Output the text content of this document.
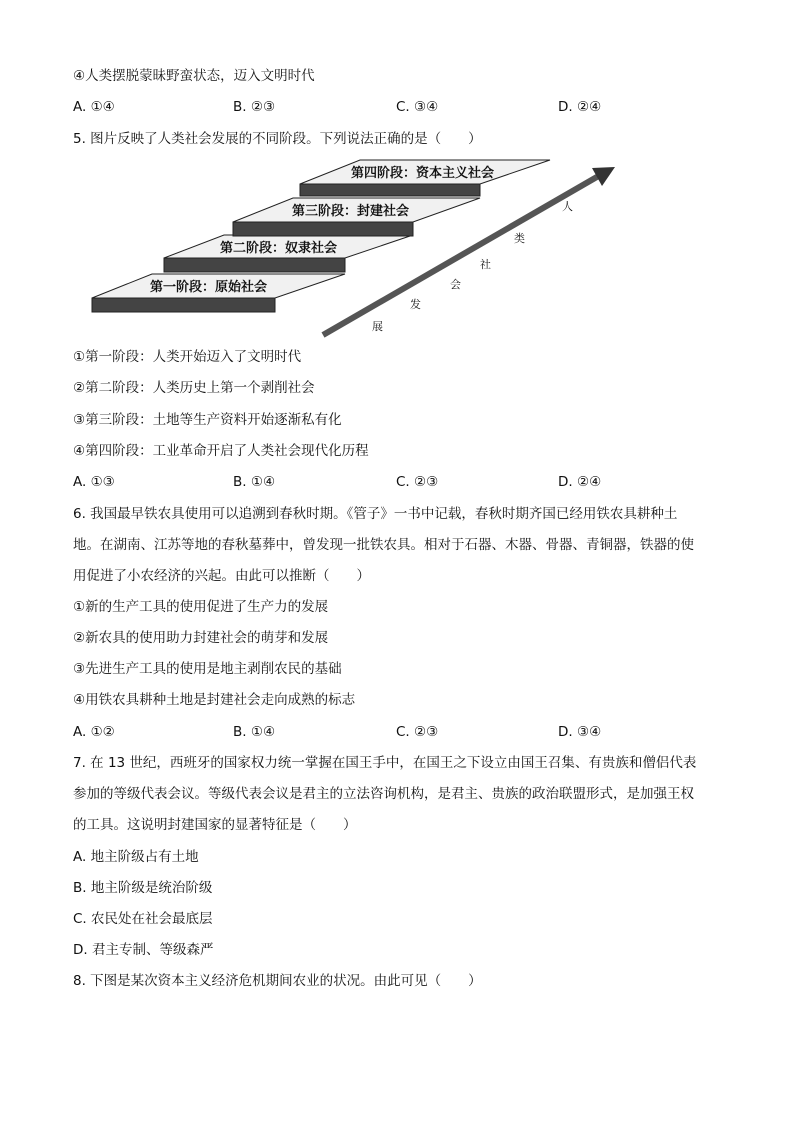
④人类摆脱蒙昧野蛮状态，迈入文明时代
A. ①④	B. ②③	C. ③④	D. ②④
5. 图片反映了人类社会发展的不同阶段。下列说法正确的是（　　）
第一阶段：原始社会
第二阶段：奴隶社会
第三阶段：封建社会
第四阶段：资本主义社会
人
类
社
会
发
展
①第一阶段：人类开始迈入了文明时代
②第二阶段：人类历史上第一个剥削社会
③第三阶段：土地等生产资料开始逐渐私有化
④第四阶段：工业革命开启了人类社会现代化历程
A. ①③	B. ①④	C. ②③	D. ②④
6. 我国最早铁农具使用可以追溯到春秋时期。《管子》一书中记载，春秋时期齐国已经用铁农具耕种土
地。在湖南、江苏等地的春秋墓葬中，曾发现一批铁农具。相对于石器、木器、骨器、青铜器，铁器的使
用促进了小农经济的兴起。由此可以推断（　　）
①新的生产工具的使用促进了生产力的发展
②新农具的使用助力封建社会的萌芽和发展
③先进生产工具的使用是地主剥削农民的基础
④用铁农具耕种土地是封建社会走向成熟的标志
A. ①②	B. ①④	C. ②③	D. ③④
7. 在 13 世纪，西班牙的国家权力统一掌握在国王手中，在国王之下设立由国王召集、有贵族和僧侣代表
参加的等级代表会议。等级代表会议是君主的立法咨询机构，是君主、贵族的政治联盟形式，是加强王权
的工具。这说明封建国家的显著特征是（　　）
A. 地主阶级占有土地
B. 地主阶级是统治阶级
C. 农民处在社会最底层
D. 君主专制、等级森严
8. 下图是某次资本主义经济危机期间农业的状况。由此可见（　　）
